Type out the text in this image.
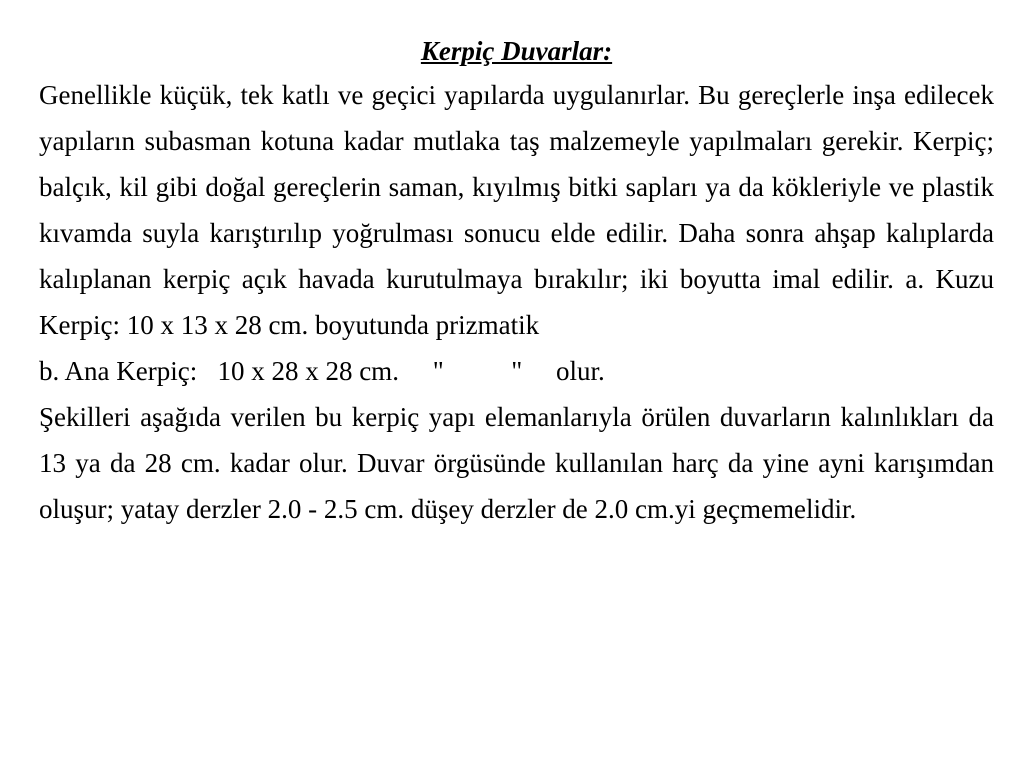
Kerpiç Duvarlar:

Genellikle küçük, tek katlı ve geçici yapılarda uygulanırlar. Bu gereçlerle inşa edilecek yapıların subasman kotuna kadar mutlaka taş malzemeyle yapılmaları gerekir. Kerpiç; balçık, kil gibi doğal gereçlerin saman, kıyılmış bitki sapları ya da kökleriyle ve plastik kıvamda suyla karıştırılıp yoğrulması sonucu elde edilir. Daha sonra ahşap kalıplarda kalıplanan kerpiç açık havada kurutulmaya bırakılır; iki boyutta imal edilir. a. Kuzu Kerpiç: 10 x 13 x 28 cm. boyutunda prizmatik

b. Ana Kerpiç:   10 x 28 x 28 cm.     "          "     olur.

Şekilleri aşağıda verilen bu kerpiç yapı elemanlarıyla örülen duvarların kalınlıkları da 13 ya da 28 cm. kadar olur. Duvar örgüsünde kullanılan harç da yine ayni karışımdan oluşur; yatay derzler 2.0 - 2.5 cm. düşey derzler de 2.0 cm.yi geçmemelidir.
